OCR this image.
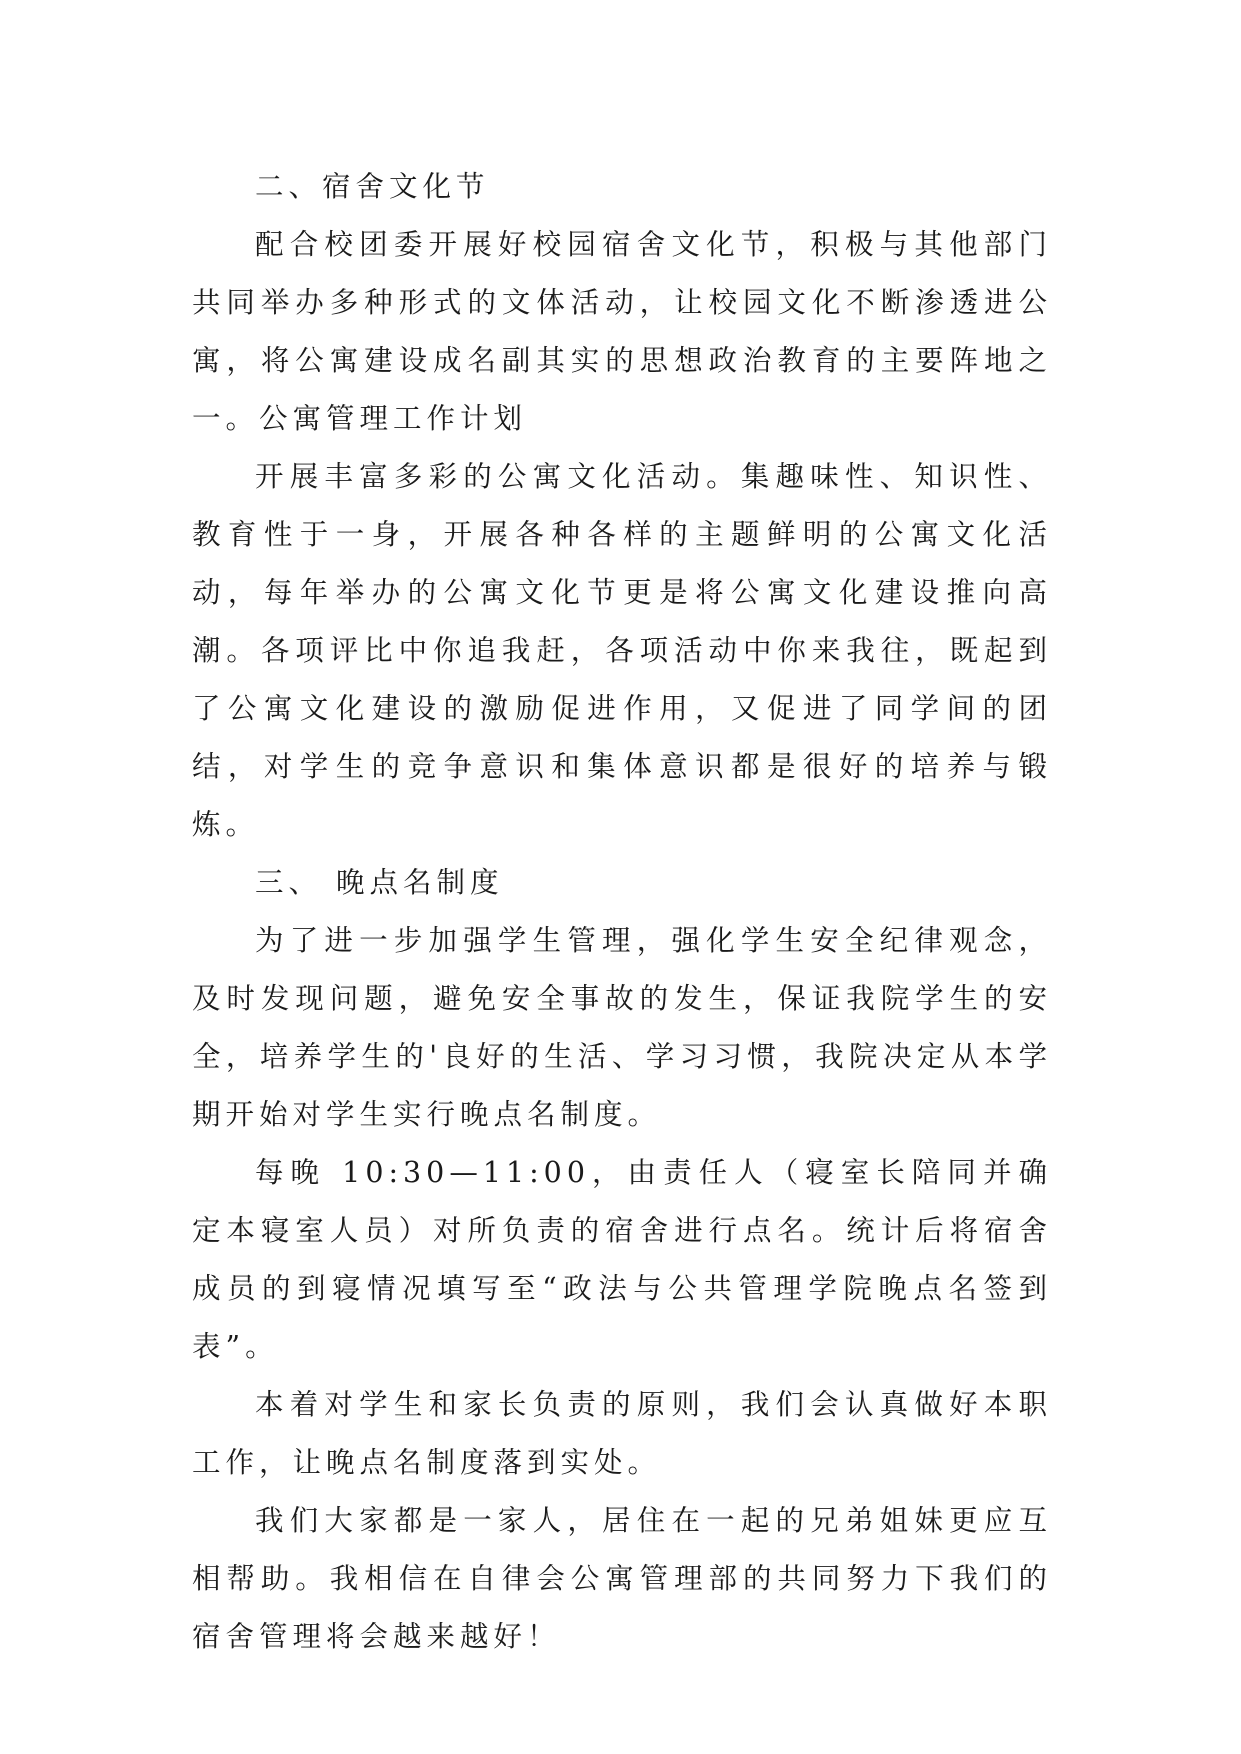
二、宿舍文化节

配合校团委开展好校园宿舍文化节，积极与其他部门共同举办多种形式的文体活动，让校园文化不断渗透进公寓，将公寓建设成名副其实的思想政治教育的主要阵地之一。公寓管理工作计划

开展丰富多彩的公寓文化活动。集趣味性、知识性、教育性于一身，开展各种各样的主题鲜明的公寓文化活动，每年举办的公寓文化节更是将公寓文化建设推向高潮。各项评比中你追我赶，各项活动中你来我往，既起到了公寓文化建设的激励促进作用，又促进了同学间的团结，对学生的竞争意识和集体意识都是很好的培养与锻炼。

三、 晚点名制度

为了进一步加强学生管理，强化学生安全纪律观念，及时发现问题，避免安全事故的发生，保证我院学生的安全，培养学生的'良好的生活、学习习惯，我院决定从本学期开始对学生实行晚点名制度。

每晚 10:30—11:00，由责任人（寝室长陪同并确定本寝室人员）对所负责的宿舍进行点名。统计后将宿舍成员的到寝情况填写至“政法与公共管理学院晚点名签到表”。

本着对学生和家长负责的原则，我们会认真做好本职工作，让晚点名制度落到实处。

我们大家都是一家人，居住在一起的兄弟姐妹更应互相帮助。我相信在自律会公寓管理部的共同努力下我们的宿舍管理将会越来越好！
